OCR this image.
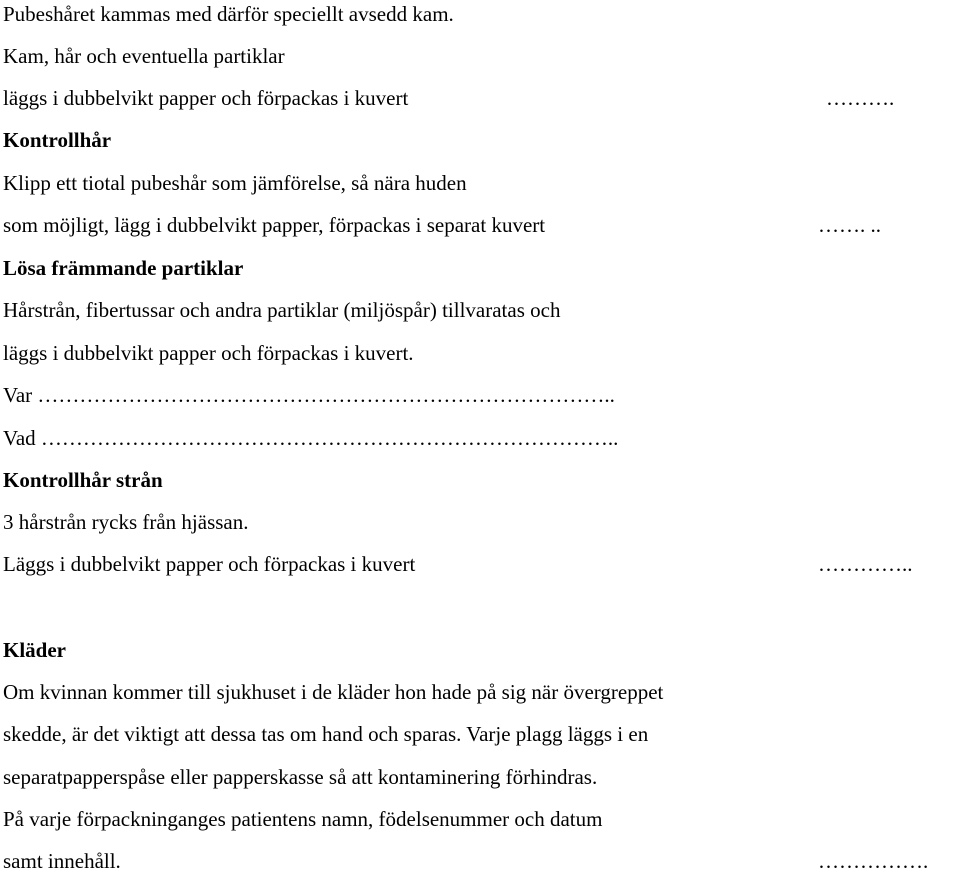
Pubeshåret kammas med därför speciellt avsedd kam.
Kam, hår och eventuella partiklar
läggs i dubbelvikt papper och förpackas i kuvert	……….
Kontrollhår
Klipp ett tiotal pubeshår som jämförelse, så nära huden
som möjligt, lägg i dubbelvikt papper, förpackas i separat kuvert	……. ..
Lösa främmande partiklar
Hårstrån, fibertussar och andra partiklar (miljöspår) tillvaratas och
läggs i dubbelvikt papper och förpackas i kuvert.
Var ………………………………………………………………………..
Vad ………………………………………………………………………..
Kontrollhår strån
3 hårstrån rycks från hjässan.
Läggs i dubbelvikt papper och förpackas i kuvert	…………..
Kläder
Om kvinnan kommer till sjukhuset i de kläder hon hade på sig när övergreppet
skedde, är det viktigt att dessa tas om hand och sparas. Varje plagg läggs i en
separatpapperspåse eller papperskasse så att kontaminering förhindras.
På varje förpackninganges patientens namn, födelsenummer och datum
samt innehåll.	…………….
